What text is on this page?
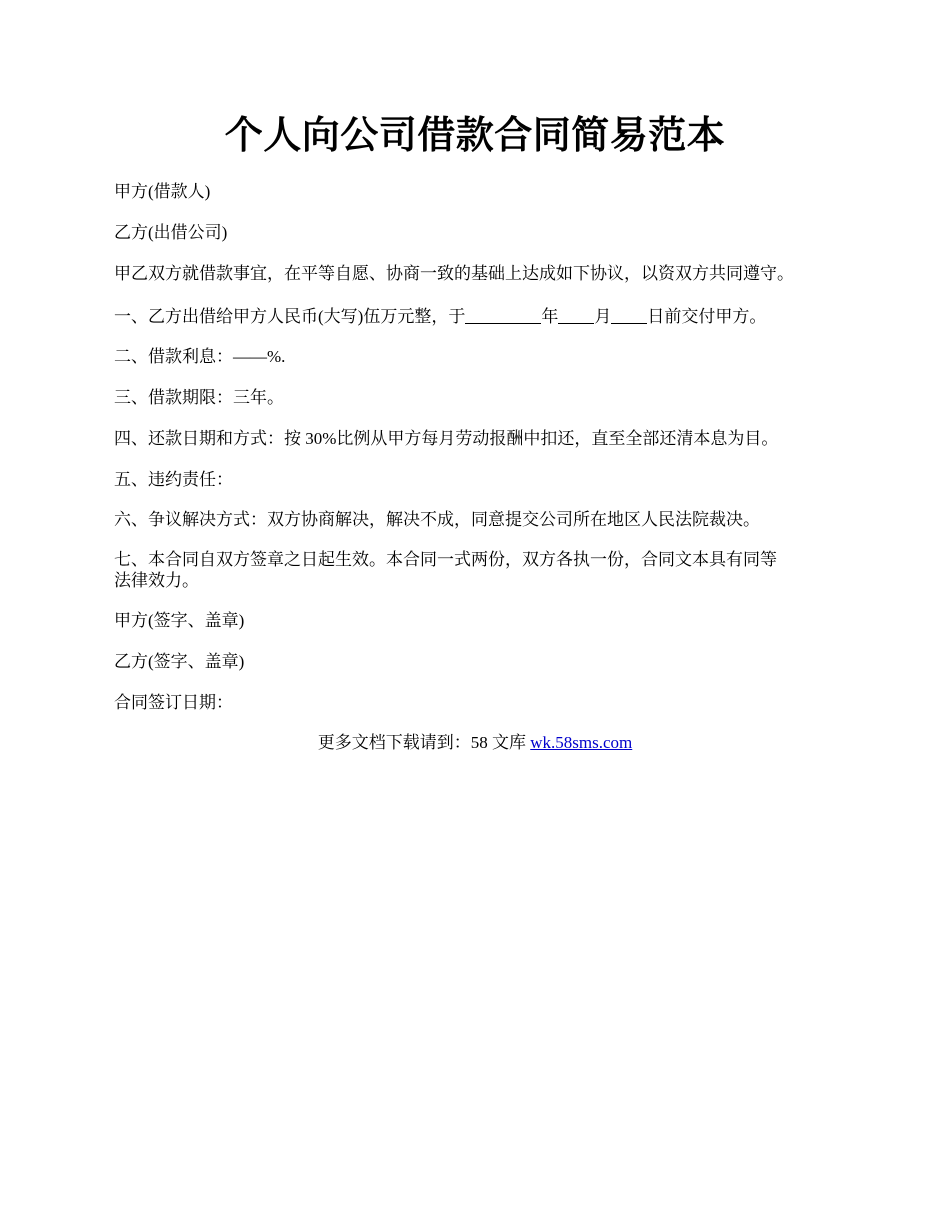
个人向公司借款合同简易范本
甲方(借款人)
乙方(出借公司)
甲乙双方就借款事宜，在平等自愿、协商一致的基础上达成如下协议，以资双方共同遵守。
一、乙方出借给甲方人民币(大写)伍万元整，于	年 月 日前交付甲方。
二、借款利息：——%.
三、借款期限：三年。
四、还款日期和方式：按 30%比例从甲方每月劳动报酬中扣还，直至全部还清本息为目。
五、违约责任：
六、争议解决方式：双方协商解决，解决不成，同意提交公司所在地区人民法院裁决。
七、本合同自双方签章之日起生效。本合同一式两份，双方各执一份，合同文本具有同等
法律效力。
甲方(签字、盖章)
乙方(签字、盖章)
合同签订日期：
更多文档下载请到：58 文库 wk.58sms.com
